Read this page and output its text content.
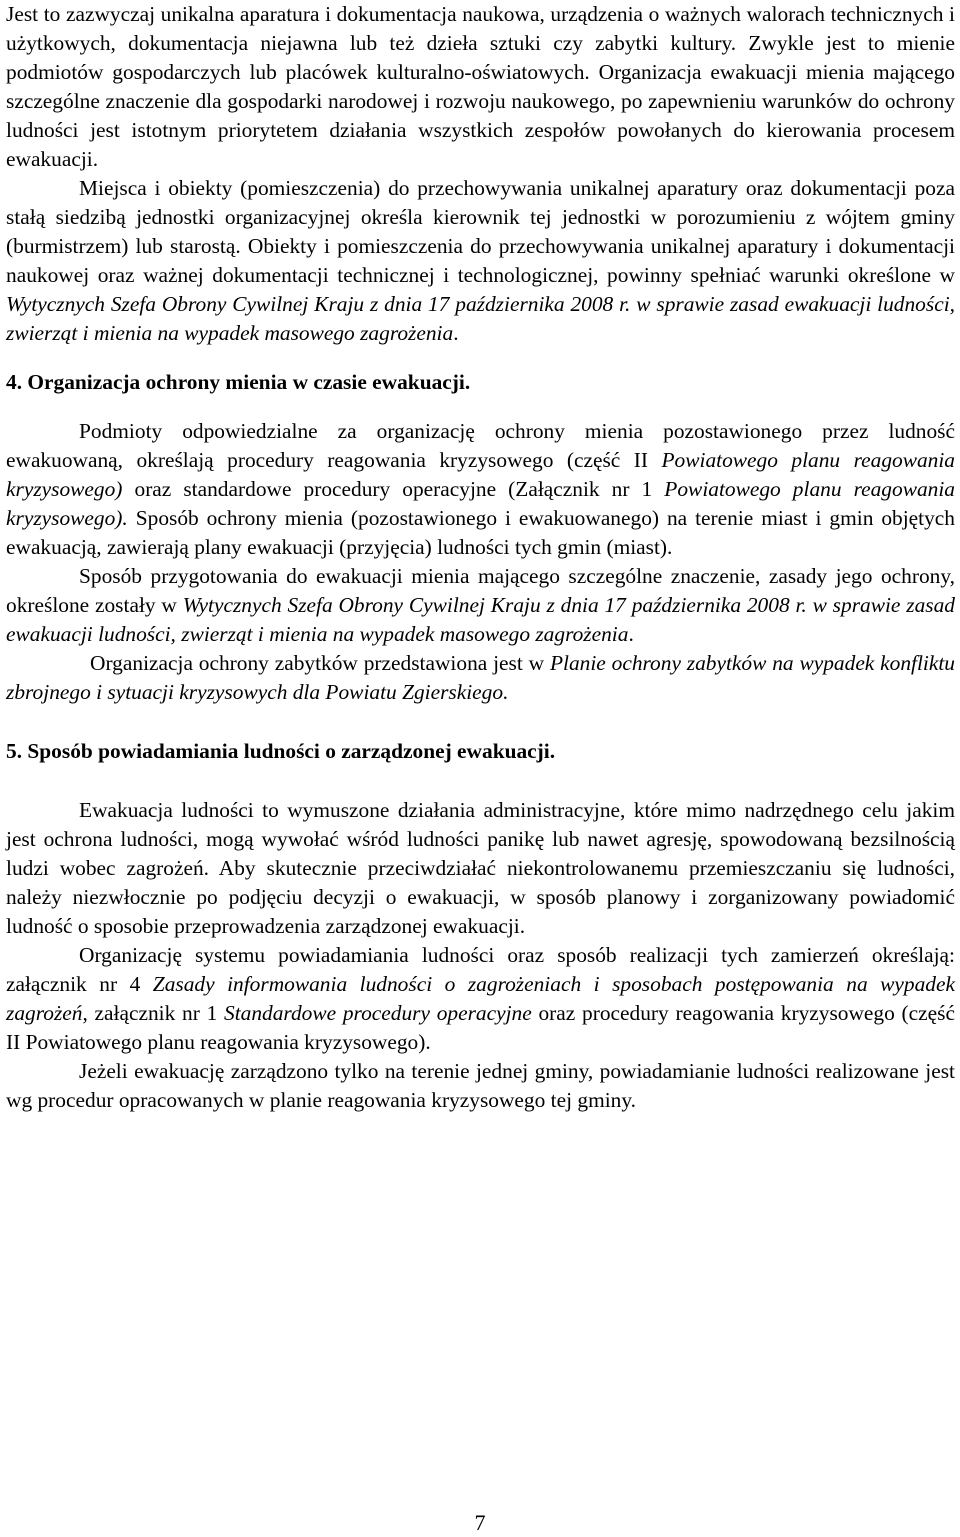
Jest to zazwyczaj unikalna aparatura i dokumentacja naukowa, urządzenia o ważnych walorach technicznych i użytkowych, dokumentacja niejawna lub też dzieła sztuki czy zabytki kultury. Zwykle jest to mienie podmiotów gospodarczych lub placówek kulturalno-oświatowych. Organizacja ewakuacji mienia mającego szczególne znaczenie dla gospodarki narodowej i rozwoju naukowego, po zapewnieniu warunków do ochrony ludności jest istotnym priorytetem działania wszystkich zespołów powołanych do kierowania procesem ewakuacji.

Miejsca i obiekty (pomieszczenia) do przechowywania unikalnej aparatury oraz dokumentacji poza stałą siedzibą jednostki organizacyjnej określa kierownik tej jednostki w porozumieniu z wójtem gminy (burmistrzem) lub starostą. Obiekty i pomieszczenia do przechowywania unikalnej aparatury i dokumentacji naukowej oraz ważnej dokumentacji technicznej i technologicznej, powinny spełniać warunki określone w Wytycznych Szefa Obrony Cywilnej Kraju z dnia 17 października 2008 r. w sprawie zasad ewakuacji ludności, zwierząt i mienia na wypadek masowego zagrożenia.

4. Organizacja ochrony mienia w czasie ewakuacji.

Podmioty odpowiedzialne za organizację ochrony mienia pozostawionego przez ludność ewakuowaną, określają procedury reagowania kryzysowego (część II Powiatowego planu reagowania kryzysowego) oraz standardowe procedury operacyjne (Załącznik nr 1 Powiatowego planu reagowania kryzysowego). Sposób ochrony mienia (pozostawionego i ewakuowanego) na terenie miast i gmin objętych ewakuacją, zawierają plany ewakuacji (przyjęcia) ludności tych gmin (miast).

Sposób przygotowania do ewakuacji mienia mającego szczególne znaczenie, zasady jego ochrony, określone zostały w Wytycznych Szefa Obrony Cywilnej Kraju z dnia 17 października 2008 r. w sprawie zasad ewakuacji ludności, zwierząt i mienia na wypadek masowego zagrożenia.

Organizacja ochrony zabytków przedstawiona jest w Planie ochrony zabytków na wypadek konfliktu zbrojnego i sytuacji kryzysowych dla Powiatu Zgierskiego.

5. Sposób powiadamiania ludności o zarządzonej ewakuacji.

Ewakuacja ludności to wymuszone działania administracyjne, które mimo nadrzędnego celu jakim jest ochrona ludności, mogą wywołać wśród ludności panikę lub nawet agresję, spowodowaną bezsilnością ludzi wobec zagrożeń. Aby skutecznie przeciwdziałać niekontrolowanemu przemieszczaniu się ludności, należy niezwłocznie po podjęciu decyzji o ewakuacji, w sposób planowy i zorganizowany powiadomić ludność o sposobie przeprowadzenia zarządzonej ewakuacji.

Organizację systemu powiadamiania ludności oraz sposób realizacji tych zamierzeń określają: załącznik nr 4 Zasady informowania ludności o zagrożeniach i sposobach postępowania na wypadek zagrożeń, załącznik nr 1 Standardowe procedury operacyjne oraz procedury reagowania kryzysowego (część II Powiatowego planu reagowania kryzysowego).

Jeżeli ewakuację zarządzono tylko na terenie jednej gminy, powiadamianie ludności realizowane jest wg procedur opracowanych w planie reagowania kryzysowego tej gminy.

7
